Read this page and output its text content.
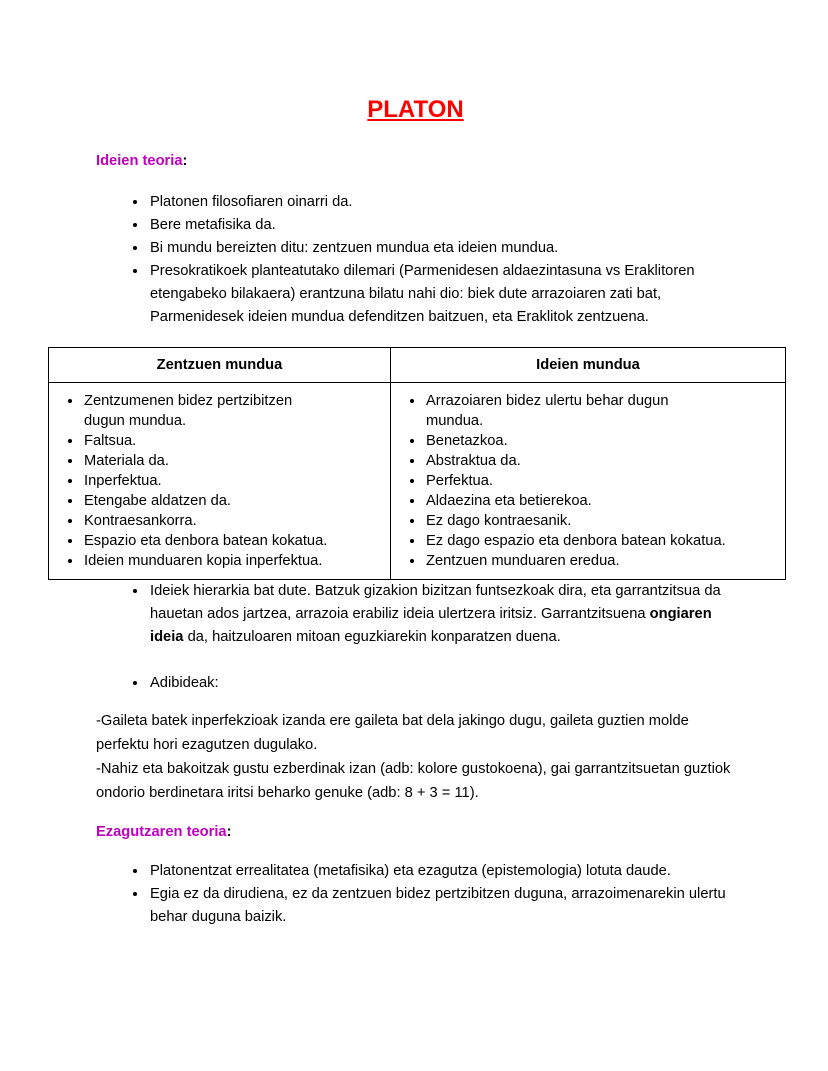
PLATON
Ideien teoria:
• Platonen filosofiaren oinarri da.
• Bere metafisika da.
• Bi mundu bereizten ditu: zentzuen mundua eta ideien mundua.
• Presokratikoek planteatutako dilemari (Parmenidesen aldaezintasuna vs Eraklitoren etengabeko bilakaera) erantzuna bilatu nahi dio: biek dute arrazoiaren zati bat, Parmenidesek ideien mundua defenditzen baitzuen, eta Eraklitok zentzuena.
Zentzuen mundua	Ideien mundua

• Zentzumenen bidez pertzibitzen dugun mundua.
• Faltsua.
• Materiala da.
• Inperfektua.
• Etengabe aldatzen da.
• Kontraesankorra.
• Espazio eta denbora batean kokatua.
• Ideien munduaren kopia inperfektua.

• Arrazoiaren bidez ulertu behar dugun mundua.
• Benetazkoa.
• Abstraktua da.
• Perfektua.
• Aldaezina eta betierekoa.
• Ez dago kontraesanik.
• Ez dago espazio eta denbora batean kokatua.
• Zentzuen munduaren eredua.
• Ideiek hierarkia bat dute. Batzuk gizakion bizitzan funtsezkoak dira, eta garrantzitsua da hauetan ados jartzea, arrazoia erabiliz ideia ulertzera iritsiz. Garrantzitsuena ongiaren ideia da, haitzuloaren mitoan eguzkiarekin konparatzen duena.
• Adibideak:

-Gaileta batek inperfekzioak izanda ere gaileta bat dela jakingo dugu, gaileta guztien molde perfektu hori ezagutzen dugulako.

-Nahiz eta bakoitzak gustu ezberdinak izan (adb: kolore gustokoena), gai garrantzitsuetan guztiok ondorio berdinetara iritsi beharko genuke (adb: 8 + 3 = 11).

Ezagutzaren teoria:
• Platonentzat errealitatea (metafisika) eta ezagutza (epistemologia) lotuta daude.
• Egia ez da dirudiena, ez da zentzuen bidez pertzibitzen duguna, arrazoimenarekin ulertu behar duguna baizik.
